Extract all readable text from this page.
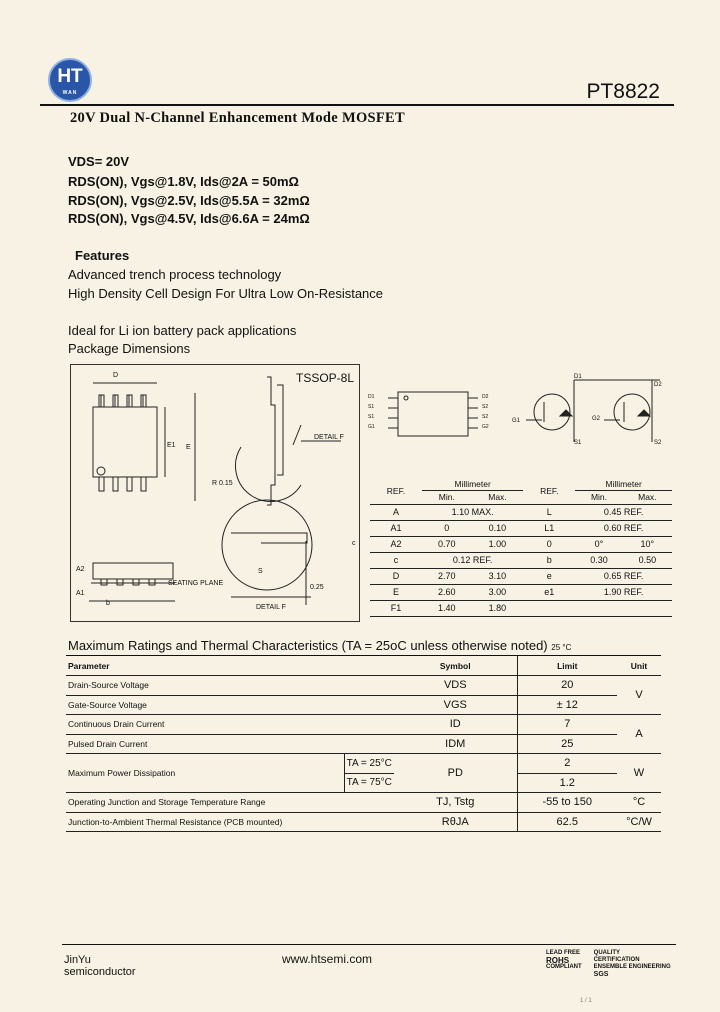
HT
WAN	PT8822
20V Dual N-Channel Enhancement Mode MOSFET
VDS= 20V
RDS(ON), Vgs@1.8V, Ids@2A = 50mΩ
RDS(ON), Vgs@2.5V, Ids@5.5A = 32mΩ
RDS(ON), Vgs@4.5V, Ids@6.6A = 24mΩ
Features
Advanced trench process technology
High Density Cell Design For Ultra Low On-Resistance
Ideal for Li ion battery pack applications
Package Dimensions
TSSOP-8L
D
E1 E
DETAIL F
R 0.15
SEATING PLANE
DETAIL F
c
0.25
A2
A1
b
S
D1
S1
S1
G1
D2
S2
S2
G2
D1
D2
G1	G2
S1	S2
REF.	Millimeter		REF.	Millimeter	
	Min.	Max.		Min.	Max.
A	1.10 MAX.		L	0.45 REF.	
A1	0	0.10	L1	0.60 REF.	
A2	0.70	1.00	0	0°	10°
c	0.12 REF.		b	0.30	0.50
D	2.70	3.10	e	0.65 REF.	
E	2.60	3.00	e1	1.90 REF.	
F1	1.40	1.80			
Maximum Ratings and Thermal Characteristics (TA = 25oC unless otherwise noted) 25 °C
Parameter		Symbol	Limit	Unit
Drain-Source Voltage		VDS	20	V
Gate-Source Voltage		VGS	± 12	
Continuous Drain Current		ID	7	A
Pulsed Drain Current		IDM	25	
Maximum Power Dissipation	TA = 25°C	PD	2	W
	TA = 75°C		1.2	
Operating Junction and Storage Temperature Range		TJ, Tstg	-55 to 150	°C
Junction-to-Ambient Thermal Resistance (PCB mounted)		RθJA	62.5	°C/W
JinYu
semiconductor
www.htsemi.com	LEAD FREE
ROHS
COMPLIANT
QUALITY
CERTIFICATION
ENSEMBLE ENGINEERING
SGS
1 / 1
